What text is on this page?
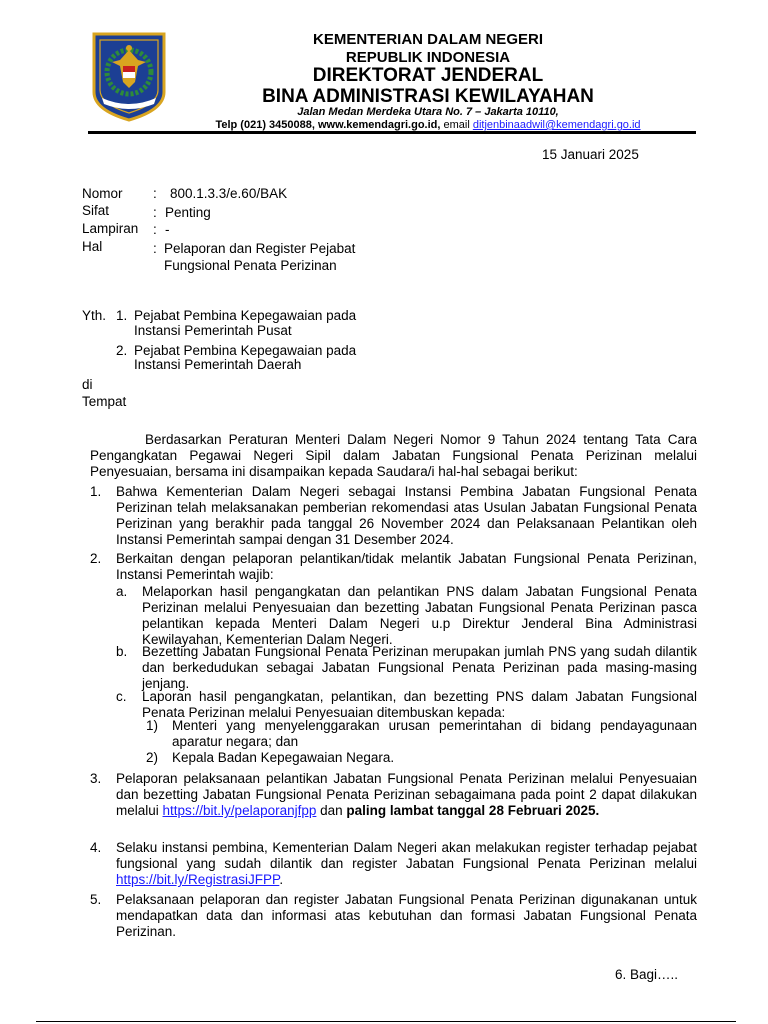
KEMENTERIAN DALAM NEGERI
REPUBLIK INDONESIA
DIREKTORAT JENDERAL
BINA ADMINISTRASI KEWILAYAHAN
Jalan Medan Merdeka Utara No. 7 – Jakarta 10110,
Telp (021) 3450088, www.kemendagri.go.id, email ditjenbinaadwil@kemendagri.go.id
15 Januari 2025
Nomor : 800.1.3.3/e.60/BAK
Sifat	: Penting
Lampiran : -
Hal	: Pelaporan dan Register Pejabat
Fungsional Penata Perizinan
Yth. 1. Pejabat Pembina Kepegawaian pada
Instansi Pemerintah Pusat
2. Pejabat Pembina Kepegawaian pada
Instansi Pemerintah Daerah
di
Tempat
Berdasarkan Peraturan Menteri Dalam Negeri Nomor 9 Tahun 2024 tentang Tata Cara Pengangkatan Pegawai Negeri Sipil dalam Jabatan Fungsional Penata Perizinan melalui Penyesuaian, bersama ini disampaikan kepada Saudara/i hal-hal sebagai berikut:
1. Bahwa Kementerian Dalam Negeri sebagai Instansi Pembina Jabatan Fungsional Penata Perizinan telah melaksanakan pemberian rekomendasi atas Usulan Jabatan Fungsional Penata Perizinan yang berakhir pada tanggal 26 November 2024 dan Pelaksanaan Pelantikan oleh Instansi Pemerintah sampai dengan 31 Desember 2024.
2. Berkaitan dengan pelaporan pelantikan/tidak melantik Jabatan Fungsional Penata Perizinan, Instansi Pemerintah wajib:
a. Melaporkan hasil pengangkatan dan pelantikan PNS dalam Jabatan Fungsional Penata Perizinan melalui Penyesuaian dan bezetting Jabatan Fungsional Penata Perizinan pasca pelantikan kepada Menteri Dalam Negeri u.p Direktur Jenderal Bina Administrasi Kewilayahan, Kementerian Dalam Negeri.
b. Bezetting Jabatan Fungsional Penata Perizinan merupakan jumlah PNS yang sudah dilantik dan berkedudukan sebagai Jabatan Fungsional Penata Perizinan pada masing-masing jenjang.
c. Laporan hasil pengangkatan, pelantikan, dan bezetting PNS dalam Jabatan Fungsional Penata Perizinan melalui Penyesuaian ditembuskan kepada:
1) Menteri yang menyelenggarakan urusan pemerintahan di bidang pendayagunaan aparatur negara; dan
2) Kepala Badan Kepegawaian Negara.
3. Pelaporan pelaksanaan pelantikan Jabatan Fungsional Penata Perizinan melalui Penyesuaian dan bezetting Jabatan Fungsional Penata Perizinan sebagaimana pada point 2 dapat dilakukan melalui https://bit.ly/pelaporanjfpp dan paling lambat tanggal 28 Februari 2025.
4. Selaku instansi pembina, Kementerian Dalam Negeri akan melakukan register terhadap pejabat fungsional yang sudah dilantik dan register Jabatan Fungsional Penata Perizinan melalui https://bit.ly/RegistrasiJFPP.
5. Pelaksanaan pelaporan dan register Jabatan Fungsional Penata Perizinan digunakanan untuk mendapatkan data dan informasi atas kebutuhan dan formasi Jabatan Fungsional Penata Perizinan.
6. Bagi…..
